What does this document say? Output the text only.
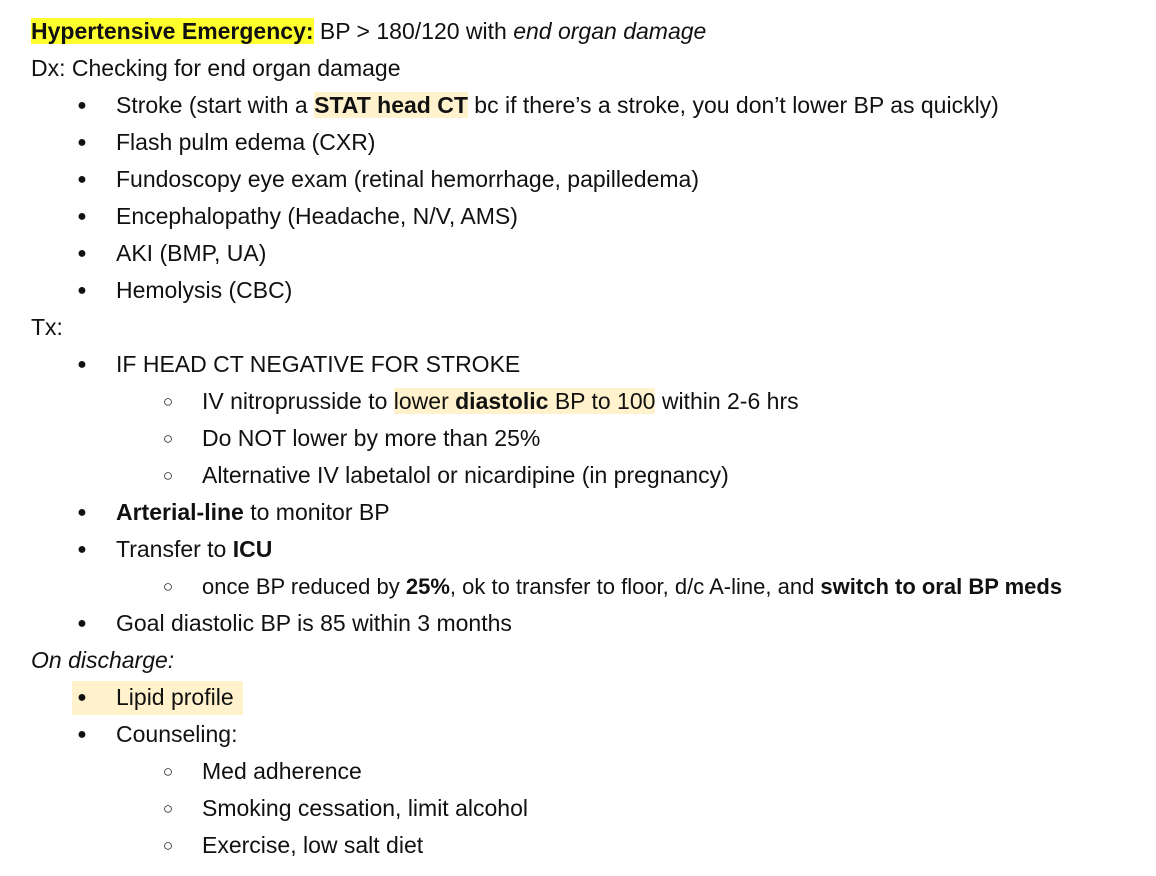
Hypertensive Emergency: BP > 180/120 with end organ damage
Dx: Checking for end organ damage
● Stroke (start with a STAT head CT bc if there’s a stroke, you don’t lower BP as quickly)
● Flash pulm edema (CXR)
● Fundoscopy eye exam (retinal hemorrhage, papilledema)
● Encephalopathy (Headache, N/V, AMS)
● AKI (BMP, UA)
● Hemolysis (CBC)
Tx:
● IF HEAD CT NEGATIVE FOR STROKE
○ IV nitroprusside to lower diastolic BP to 100 within 2-6 hrs
○ Do NOT lower by more than 25%
○ Alternative IV labetalol or nicardipine (in pregnancy)
● Arterial-line to monitor BP
● Transfer to ICU
○ once BP reduced by 25%, ok to transfer to floor, d/c A-line, and switch to oral BP meds
● Goal diastolic BP is 85 within 3 months
On discharge:
● Lipid profile
● Counseling:
○ Med adherence
○ Smoking cessation, limit alcohol
○ Exercise, low salt diet
